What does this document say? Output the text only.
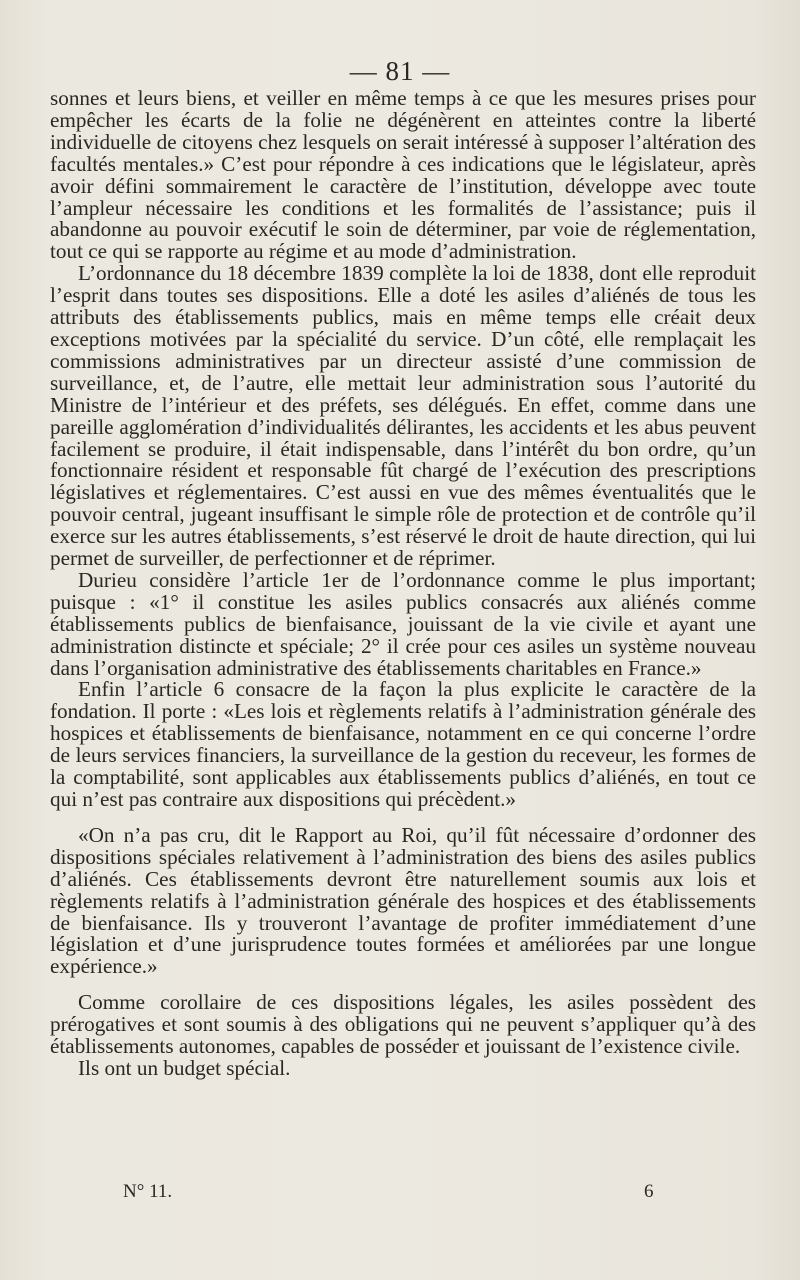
— 81 —

sonnes et leurs biens, et veiller en même temps à ce que les mesures prises pour empêcher les écarts de la folie ne dégénèrent en atteintes contre la liberté individuelle de citoyens chez lesquels on serait intéressé à supposer l’altération des facultés mentales.» C’est pour répondre à ces indications que le législateur, après avoir défini sommairement le caractère de l’institution, développe avec toute l’ampleur nécessaire les conditions et les formalités de l’assistance; puis il abandonne au pouvoir exécutif le soin de déterminer, par voie de réglementation, tout ce qui se rapporte au régime et au mode d’administration.

L’ordonnance du 18 décembre 1839 complète la loi de 1838, dont elle reproduit l’esprit dans toutes ses dispositions. Elle a doté les asiles d’aliénés de tous les attributs des établissements publics, mais en même temps elle créait deux exceptions motivées par la spécialité du service. D’un côté, elle remplaçait les commissions administratives par un directeur assisté d’une commission de surveillance, et, de l’autre, elle mettait leur administration sous l’autorité du Ministre de l’intérieur et des préfets, ses délégués. En effet, comme dans une pareille agglomération d’individualités délirantes, les accidents et les abus peuvent facilement se produire, il était indispensable, dans l’intérêt du bon ordre, qu’un fonctionnaire résident et responsable fût chargé de l’exécution des prescriptions législatives et réglementaires. C’est aussi en vue des mêmes éventualités que le pouvoir central, jugeant insuffisant le simple rôle de protection et de contrôle qu’il exerce sur les autres établissements, s’est réservé le droit de haute direction, qui lui permet de surveiller, de perfectionner et de réprimer.

Durieu considère l’article 1er de l’ordonnance comme le plus important; puisque : «1° il constitue les asiles publics consacrés aux aliénés comme établissements publics de bienfaisance, jouissant de la vie civile et ayant une administration distincte et spéciale; 2° il crée pour ces asiles un système nouveau dans l’organisation administrative des établissements charitables en France.»

Enfin l’article 6 consacre de la façon la plus explicite le caractère de la fondation. Il porte : «Les lois et règlements relatifs à l’administration générale des hospices et établissements de bienfaisance, notamment en ce qui concerne l’ordre de leurs services financiers, la surveillance de la gestion du receveur, les formes de la comptabilité, sont applicables aux établissements publics d’aliénés, en tout ce qui n’est pas contraire aux dispositions qui précèdent.»

«On n’a pas cru, dit le Rapport au Roi, qu’il fût nécessaire d’ordonner des dispositions spéciales relativement à l’administration des biens des asiles publics d’aliénés. Ces établissements devront être naturellement soumis aux lois et règlements relatifs à l’administration générale des hospices et des établissements de bienfaisance. Ils y trouveront l’avantage de profiter immédiatement d’une législation et d’une jurisprudence toutes formées et améliorées par une longue expérience.»

Comme corollaire de ces dispositions légales, les asiles possèdent des prérogatives et sont soumis à des obligations qui ne peuvent s’appliquer qu’à des établissements autonomes, capables de posséder et jouissant de l’existence civile.

Ils ont un budget spécial.

N° 11.	6
